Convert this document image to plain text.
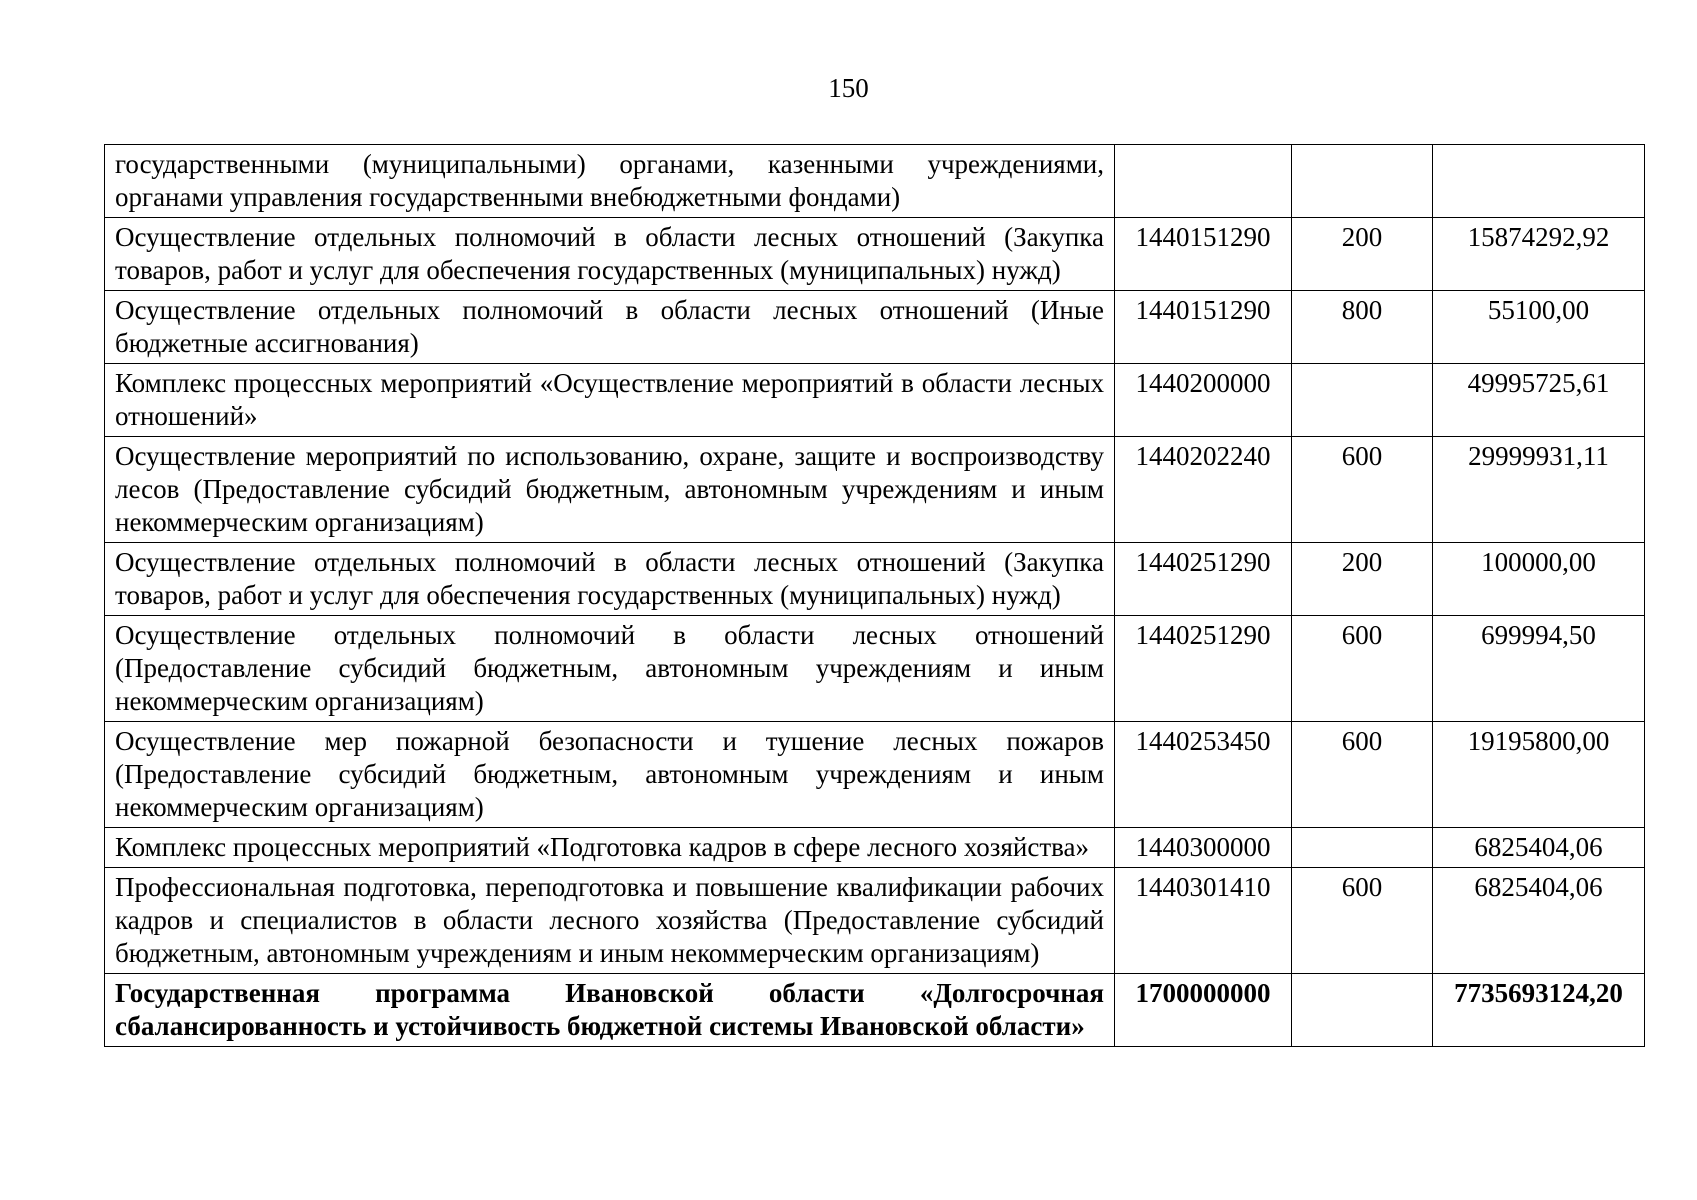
150
государственными (муниципальными) органами, казенными учреждениями, органами управления государственными внебюджетными фондами)			
Осуществление отдельных полномочий в области лесных отношений (Закупка товаров, работ и услуг для обеспечения государственных (муниципальных) нужд)	1440151290	200	15874292,92
Осуществление отдельных полномочий в области лесных отношений (Иные бюджетные ассигнования)	1440151290	800	55100,00
Комплекс процессных мероприятий «Осуществление мероприятий в области лесных отношений»	1440200000		49995725,61
Осуществление мероприятий по использованию, охране, защите и воспроизводству лесов (Предоставление субсидий бюджетным, автономным учреждениям и иным некоммерческим организациям)	1440202240	600	29999931,11
Осуществление отдельных полномочий в области лесных отношений (Закупка товаров, работ и услуг для обеспечения государственных (муниципальных) нужд)	1440251290	200	100000,00
Осуществление отдельных полномочий в области лесных отношений (Предоставление субсидий бюджетным, автономным учреждениям и иным некоммерческим организациям)	1440251290	600	699994,50
Осуществление мер пожарной безопасности и тушение лесных пожаров (Предоставление субсидий бюджетным, автономным учреждениям и иным некоммерческим организациям)	1440253450	600	19195800,00
Комплекс процессных мероприятий «Подготовка кадров в сфере лесного хозяйства»	1440300000		6825404,06
Профессиональная подготовка, переподготовка и повышение квалификации рабочих кадров и специалистов в области лесного хозяйства (Предоставление субсидий бюджетным, автономным учреждениям и иным некоммерческим организациям)	1440301410	600	6825404,06
Государственная программа Ивановской области «Долгосрочная сбалансированность и устойчивость бюджетной системы Ивановской области»	1700000000		7735693124,20
